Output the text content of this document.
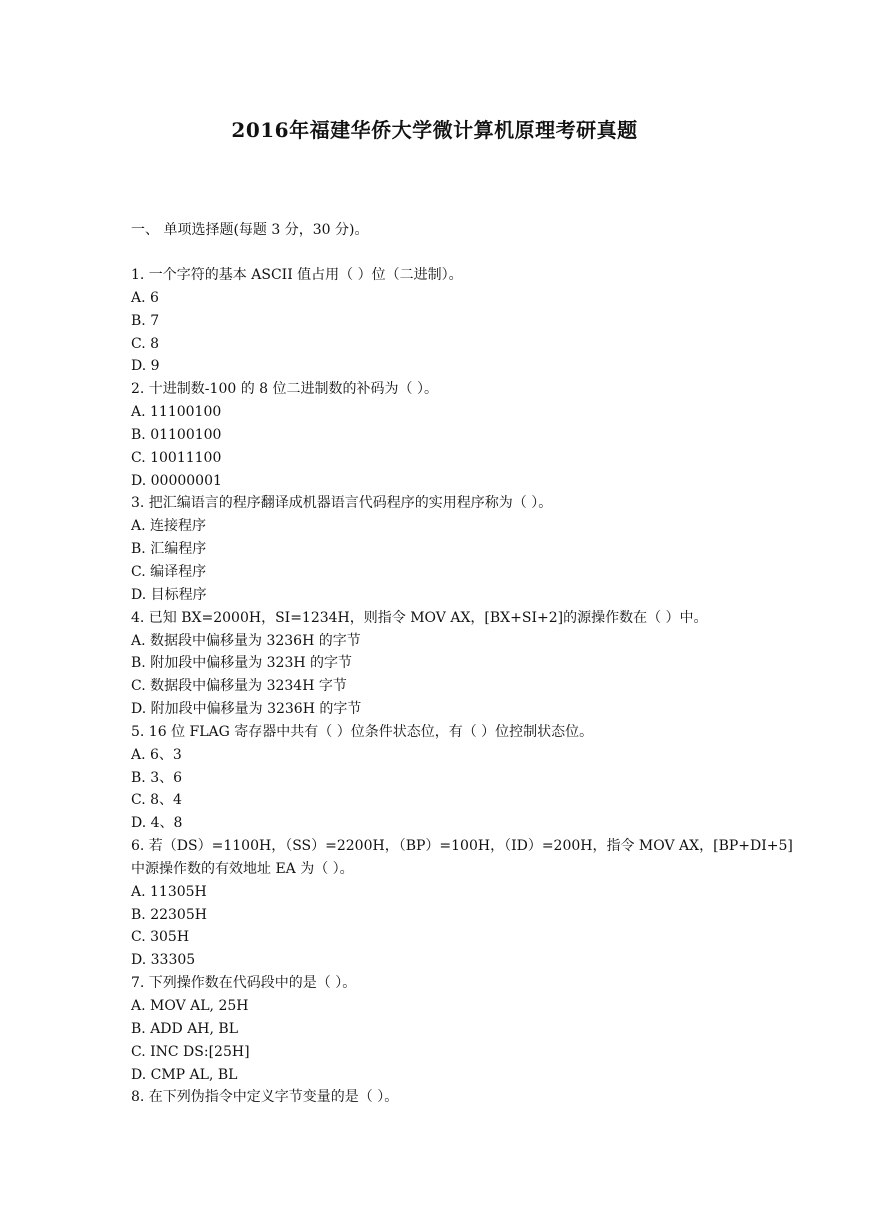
2016年福建华侨大学微计算机原理考研真题
一、 单项选择题(每题 3 分，30 分)。
1. 一个字符的基本 ASCII 值占用（ ）位（二进制）。
A. 6
B. 7
C. 8
D. 9
2. 十进制数-100 的 8 位二进制数的补码为（ ）。
A. 11100100
B. 01100100
C. 10011100
D. 00000001
3. 把汇编语言的程序翻译成机器语言代码程序的实用程序称为（ ）。
A. 连接程序
B. 汇编程序
C. 编译程序
D. 目标程序
4. 已知 BX=2000H，SI=1234H，则指令 MOV AX，[BX+SI+2]的源操作数在（ ）中。
A. 数据段中偏移量为 3236H 的字节
B. 附加段中偏移量为 323H 的字节
C. 数据段中偏移量为 3234H 字节
D. 附加段中偏移量为 3236H 的字节
5. 16 位 FLAG 寄存器中共有（ ）位条件状态位，有（ ）位控制状态位。
A. 6、3
B. 3、6
C. 8、4
D. 4、8
6. 若（DS）=1100H，（SS）=2200H，（BP）=100H，（ID）=200H，指令 MOV AX，[BP+DI+5]
中源操作数的有效地址 EA 为（ ）。
A. 11305H
B. 22305H
C. 305H
D. 33305
7. 下列操作数在代码段中的是（ ）。
A. MOV AL, 25H
B. ADD AH, BL
C. INC DS:[25H]
D. CMP AL, BL
8. 在下列伪指令中定义字节变量的是（ ）。
